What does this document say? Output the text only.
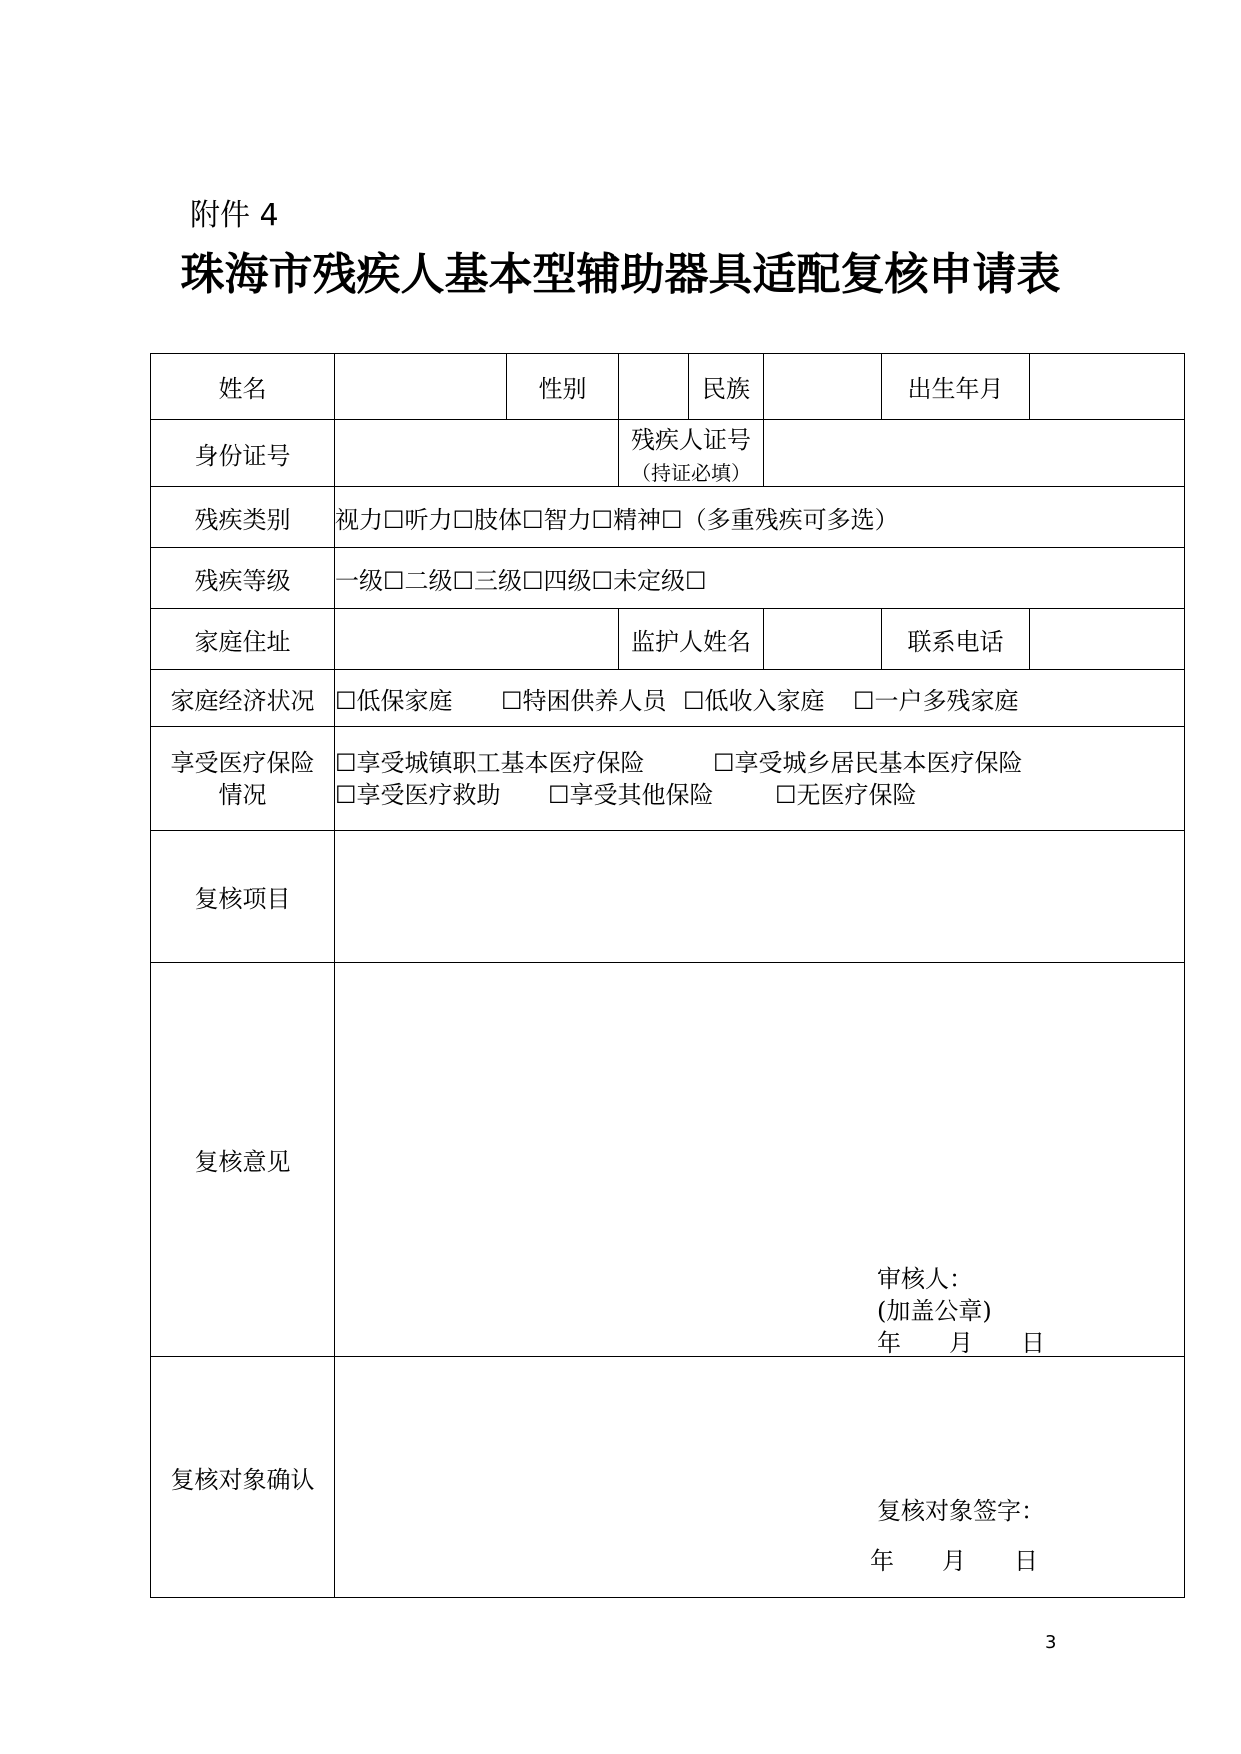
附件 4
珠海市残疾人基本型辅助器具适配复核申请表
姓名		性别		民族		出生年月	
身份证号			残疾人证号
（持证必填）				

残疾类别	视力☐听力☐肢体☐智力☐精神☐（多重残疾可多选）						
残疾等级	一级☐二级☐三级☐四级☐未定级☐						
家庭住址			监护人姓名			联系电话	
家庭经济状况	☐低保家庭 ☐特困供养人员 ☐低收入家庭 ☐一户多残家庭						
享受医疗保险
情况	☐享受城镇职工基本医疗保险 ☐享受城乡居民基本医疗保险
☐享受医疗救助 ☐享受其他保险 ☐无医疗保险						
复核项目							
复核意见	审核人：
(加盖公章)
年　　月　　日						

复核对象确认	复核对象签字：
年　　月　　日						
3
